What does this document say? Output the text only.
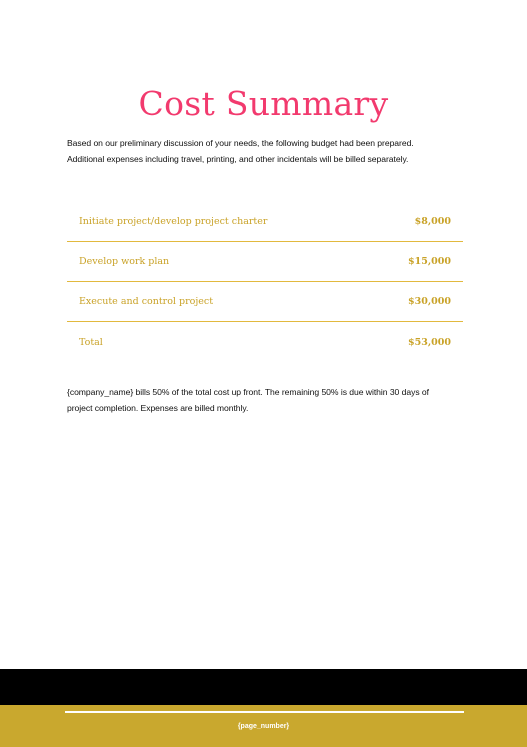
Cost Summary

Based on our preliminary discussion of your needs, the following budget had been prepared.
Additional expenses including travel, printing, and other incidentals will be billed separately.

Initiate project/develop project charter	$8,000
Develop work plan	$15,000
Execute and control project	$30,000
Total	$53,000

{company_name} bills 50% of the total cost up front. The remaining 50% is due within 30 days of
project completion. Expenses are billed monthly.

{page_number}
